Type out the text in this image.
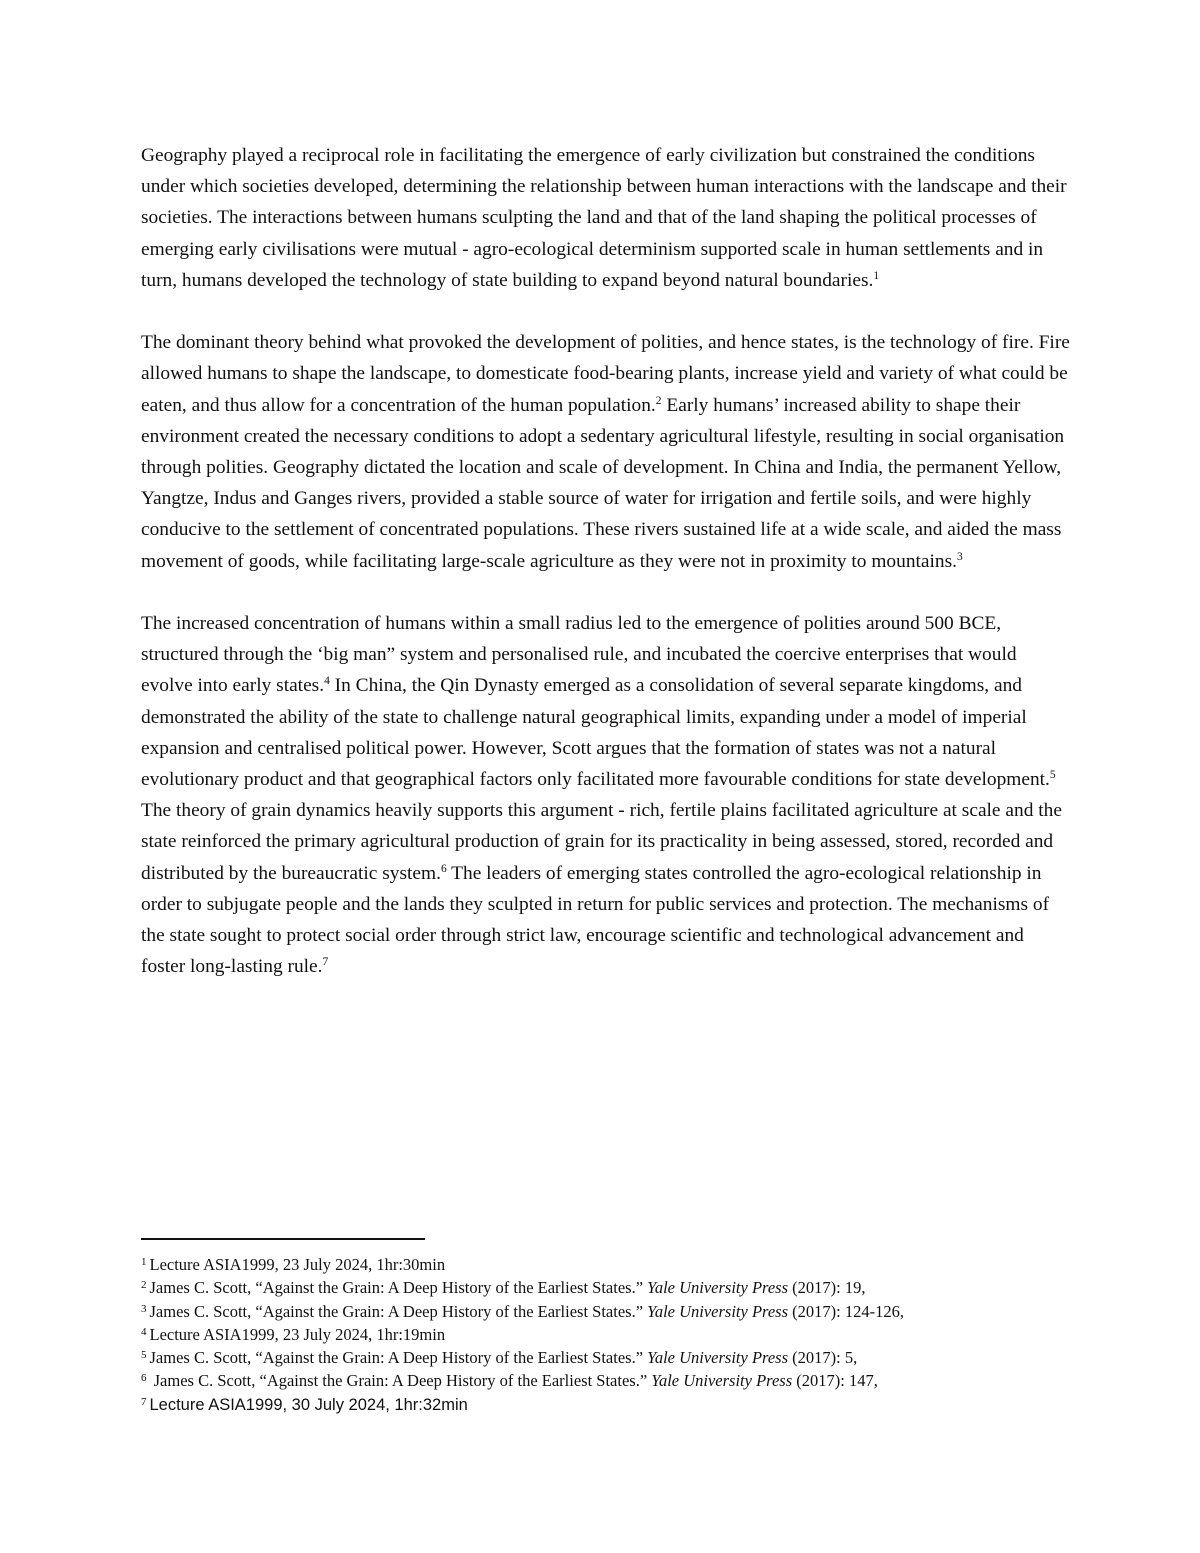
Geography played a reciprocal role in facilitating the emergence of early civilization but constrained the conditions under which societies developed, determining the relationship between human interactions with the landscape and their societies. The interactions between humans sculpting the land and that of the land shaping the political processes of emerging early civilisations were mutual - agro-ecological determinism supported scale in human settlements and in turn, humans developed the technology of state building to expand beyond natural boundaries.$^1$

The dominant theory behind what provoked the development of polities, and hence states, is the technology of fire. Fire allowed humans to shape the landscape, to domesticate food-bearing plants, increase yield and variety of what could be eaten, and thus allow for a concentration of the human population.$^2$ Early humans’ increased ability to shape their environment created the necessary conditions to adopt a sedentary agricultural lifestyle, resulting in social organisation through polities. Geography dictated the location and scale of development. In China and India, the permanent Yellow, Yangtze, Indus and Ganges rivers, provided a stable source of water for irrigation and fertile soils, and were highly conducive to the settlement of concentrated populations. These rivers sustained life at a wide scale, and aided the mass movement of goods, while facilitating large-scale agriculture as they were not in proximity to mountains.$^3$

The increased concentration of humans within a small radius led to the emergence of polities around 500 BCE, structured through the ‘big man” system and personalised rule, and incubated the coercive enterprises that would evolve into early states.$^4$ In China, the Qin Dynasty emerged as a consolidation of several separate kingdoms, and demonstrated the ability of the state to challenge natural geographical limits, expanding under a model of imperial expansion and centralised political power. However, Scott argues that the formation of states was not a natural evolutionary product and that geographical factors only facilitated more favourable conditions for state development.$^5$ The theory of grain dynamics heavily supports this argument - rich, fertile plains facilitated agriculture at scale and the state reinforced the primary agricultural production of grain for its practicality in being assessed, stored, recorded and distributed by the bureaucratic system.$^6$ The leaders of emerging states controlled the agro-ecological relationship in order to subjugate people and the lands they sculpted in return for public services and protection. The mechanisms of the state sought to protect social order through strict law, encourage scientific and technological advancement and foster long-lasting rule.$^7$

$^1$ Lecture ASIA1999, 23 July 2024, 1hr:30min
$^2$ James C. Scott, “Against the Grain: A Deep History of the Earliest States.” Yale University Press (2017): 19,
$^3$ James C. Scott, “Against the Grain: A Deep History of the Earliest States.” Yale University Press (2017): 124-126,
$^4$ Lecture ASIA1999, 23 July 2024, 1hr:19min
$^5$ James C. Scott, “Against the Grain: A Deep History of the Earliest States.” Yale University Press (2017): 5,
$^6$ James C. Scott, “Against the Grain: A Deep History of the Earliest States.” Yale University Press (2017): 147,
$^7$ Lecture ASIA1999, 30 July 2024, 1hr:32min
